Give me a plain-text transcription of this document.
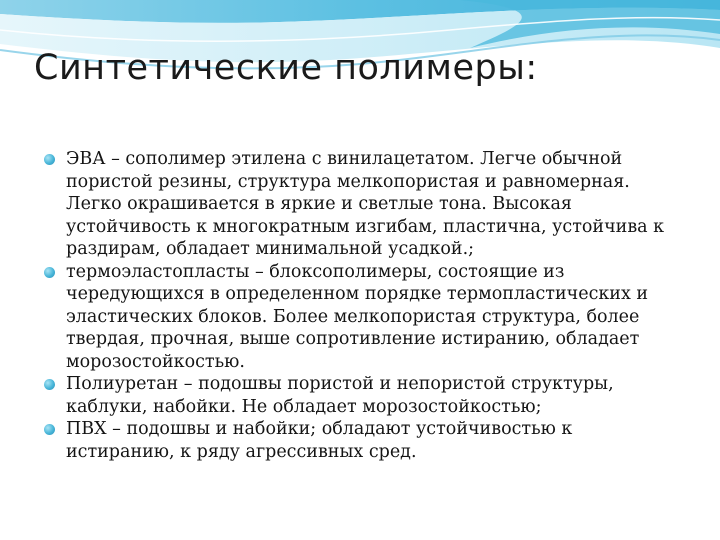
Синтетические полимеры:
ЭВА – сополимер этилена с винилацетатом. Легче обычной пористой резины, структура мелкопористая и равномерная. Легко окрашивается в яркие и светлые тона. Высокая устойчивость к многократным изгибам, пластична, устойчива к раздирам, обладает минимальной усадкой.;
термоэластопласты – блоксополимеры, состоящие из чередующихся в определенном порядке термопластических и эластических блоков. Более мелкопористая структура, более твердая, прочная, выше сопротивление истиранию, обладает морозостойкостью.
Полиуретан – подошвы пористой и непористой структуры, каблуки, набойки. Не обладает морозостойкостью;
ПВХ – подошвы и набойки; обладают устойчивостью к истиранию, к ряду агрессивных сред.
